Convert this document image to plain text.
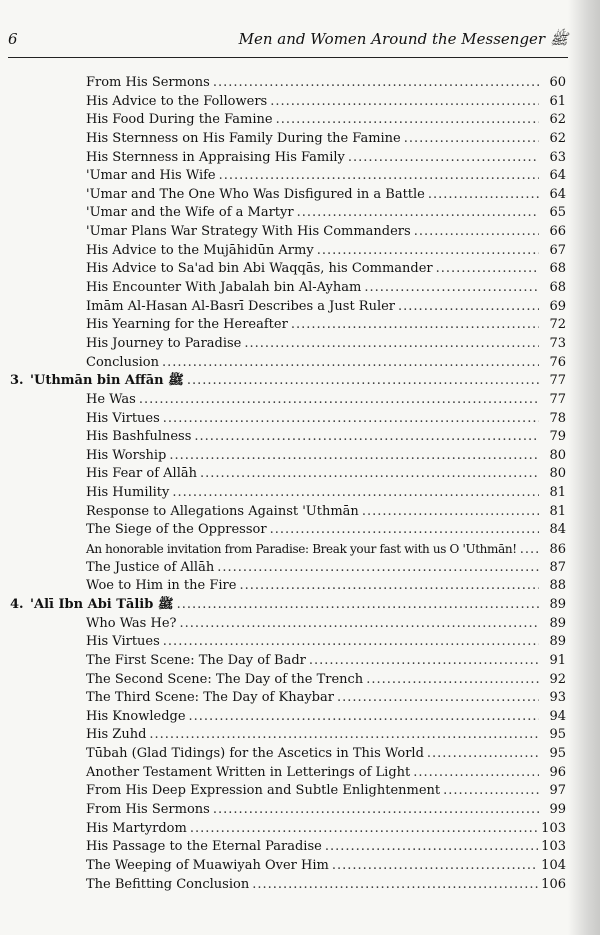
6	Men and Women Around the Messenger ﷺ
From His Sermons .....	60
His Advice to the Followers .....	61
His Food During the Famine .....	62
His Sternness on His Family During the Famine .....	62
His Sternness in Appraising His Family .....	63
'Umar and His Wife .....	64
'Umar and The One Who Was Disfigured in a Battle .....	64
'Umar and the Wife of a Martyr .....	65
'Umar Plans War Strategy With His Commanders .....	66
His Advice to the Mujāhidūn Army .....	67
His Advice to Sa'ad bin Abi Waqqās, his Commander .....	68
His Encounter With Jabalah bin Al-Ayham .....	68
Imām Al-Hasan Al-Basrī Describes a Just Ruler .....	69
His Yearning for the Hereafter .....	72
His Journey to Paradise .....	73
Conclusion .....	76
3. 'Uthmān bin Affān ﷺ .....	77
He Was .....	77
His Virtues .....	78
His Bashfulness .....	79
His Worship .....	80
His Fear of Allāh .....	80
His Humility .....	81
Response to Allegations Against 'Uthmān .....	81
The Siege of the Oppressor .....	84
An honorable invitation from Paradise: Break your fast with us O 'Uthmān! .....	86
The Justice of Allāh .....	87
Woe to Him in the Fire .....	88
4. 'Alī Ibn Abi Tālib ﷺ .....	89
Who Was He? .....	89
His Virtues .....	89
The First Scene: The Day of Badr .....	91
The Second Scene: The Day of the Trench .....	92
The Third Scene: The Day of Khaybar .....	93
His Knowledge .....	94
His Zuhd .....	95
Tūbah (Glad Tidings) for the Ascetics in This World .....	95
Another Testament Written in Letterings of Light .....	96
From His Deep Expression and Subtle Enlightenment .....	97
From His Sermons .....	99
His Martyrdom .....	103
His Passage to the Eternal Paradise .....	103
The Weeping of Muawiyah Over Him .....	104
The Befitting Conclusion .....	106
